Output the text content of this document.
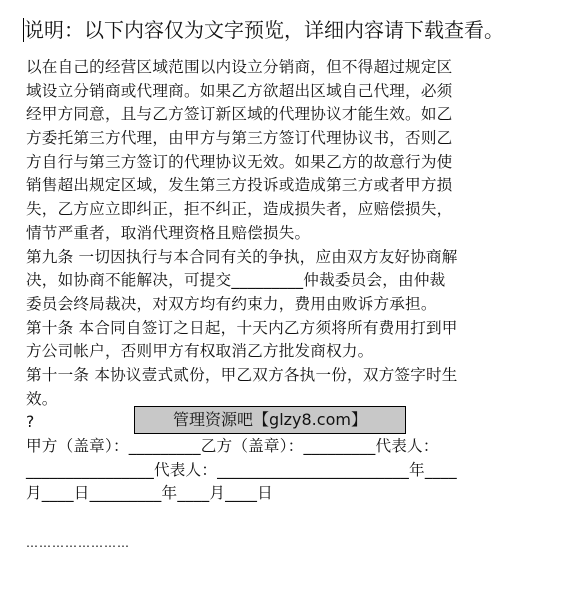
说明：以下内容仅为文字预览，详细内容请下载查看。
以在自己的经营区域范围以内设立分销商，但不得超过规定区
域设立分销商或代理商。如果乙方欲超出区域自己代理，必须
经甲方同意，且与乙方签订新区域的代理协议才能生效。如乙
方委托第三方代理，由甲方与第三方签订代理协议书，否则乙
方自行与第三方签订的代理协议无效。如果乙方的故意行为使
销售超出规定区域，发生第三方投诉或造成第三方或者甲方损
失，乙方应立即纠正，拒不纠正，造成损失者，应赔偿损失，
情节严重者，取消代理资格且赔偿损失。
第九条 一切因执行与本合同有关的争执，应由双方友好协商解
决，如协商不能解决，可提交_________仲裁委员会，由仲裁
委员会终局裁决，对双方均有约束力，费用由败诉方承担。
第十条 本合同自签订之日起，十天内乙方须将所有费用打到甲
方公司帐户，否则甲方有权取消乙方批发商权力。
第十一条 本协议壹式贰份，甲乙双方各执一份，双方签字时生
效。
?
甲方（盖章）：_________乙方（盖章）：_________代表人：
________________代表人：________________________年____
月____日_________年____月____日
管理资源吧【glzy8.com】
……………………
